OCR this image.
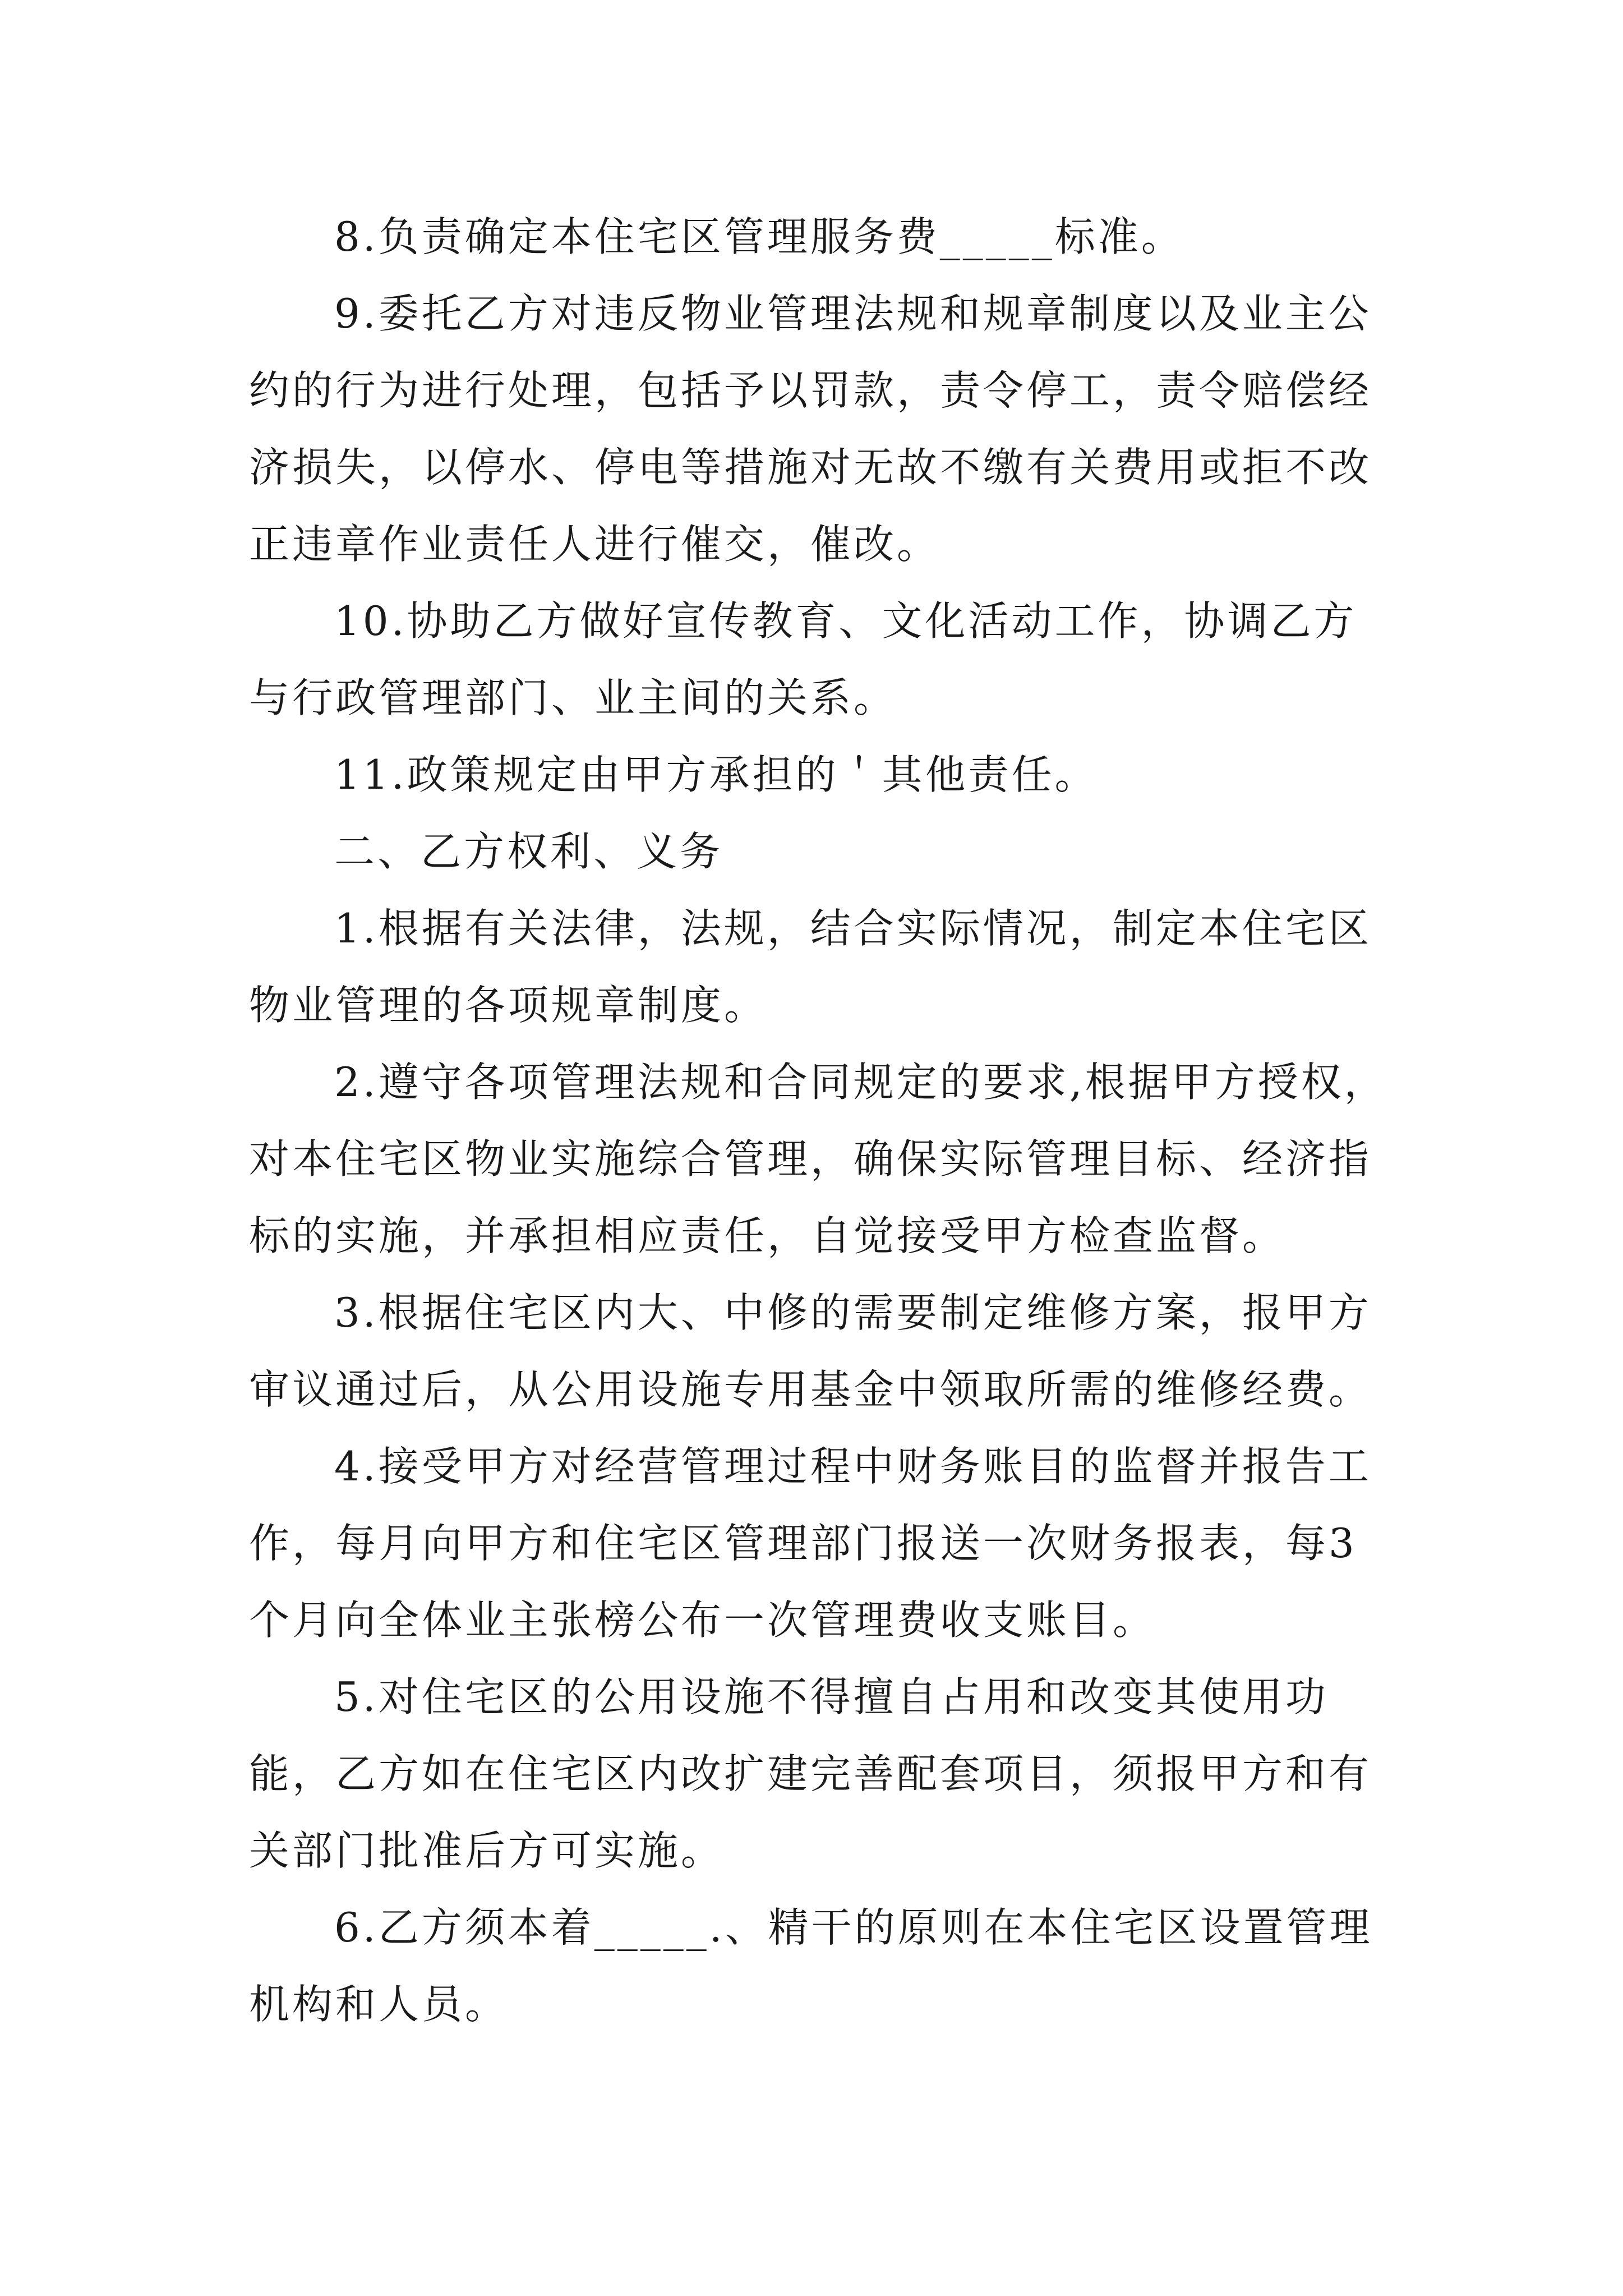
8.负责确定本住宅区管理服务费_____标准。

9.委托乙方对违反物业管理法规和规章制度以及业主公约的行为进行处理，包括予以罚款，责令停工，责令赔偿经济损失，以停水、停电等措施对无故不缴有关费用或拒不改正违章作业责任人进行催交，催改。

10.协助乙方做好宣传教育、文化活动工作，协调乙方与行政管理部门、业主间的关系。

11.政策规定由甲方承担的＇其他责任。

二、乙方权利、义务

1.根据有关法律，法规，结合实际情况，制定本住宅区物业管理的各项规章制度。

2.遵守各项管理法规和合同规定的要求,根据甲方授权，对本住宅区物业实施综合管理，确保实际管理目标、经济指标的实施，并承担相应责任，自觉接受甲方检查监督。

3.根据住宅区内大、中修的需要制定维修方案，报甲方审议通过后，从公用设施专用基金中领取所需的维修经费。

4.接受甲方对经营管理过程中财务账目的监督并报告工作，每月向甲方和住宅区管理部门报送一次财务报表，每3个月向全体业主张榜公布一次管理费收支账目。

5.对住宅区的公用设施不得擅自占用和改变其使用功能，乙方如在住宅区内改扩建完善配套项目，须报甲方和有关部门批准后方可实施。

6.乙方须本着_____.、精干的原则在本住宅区设置管理机构和人员。
